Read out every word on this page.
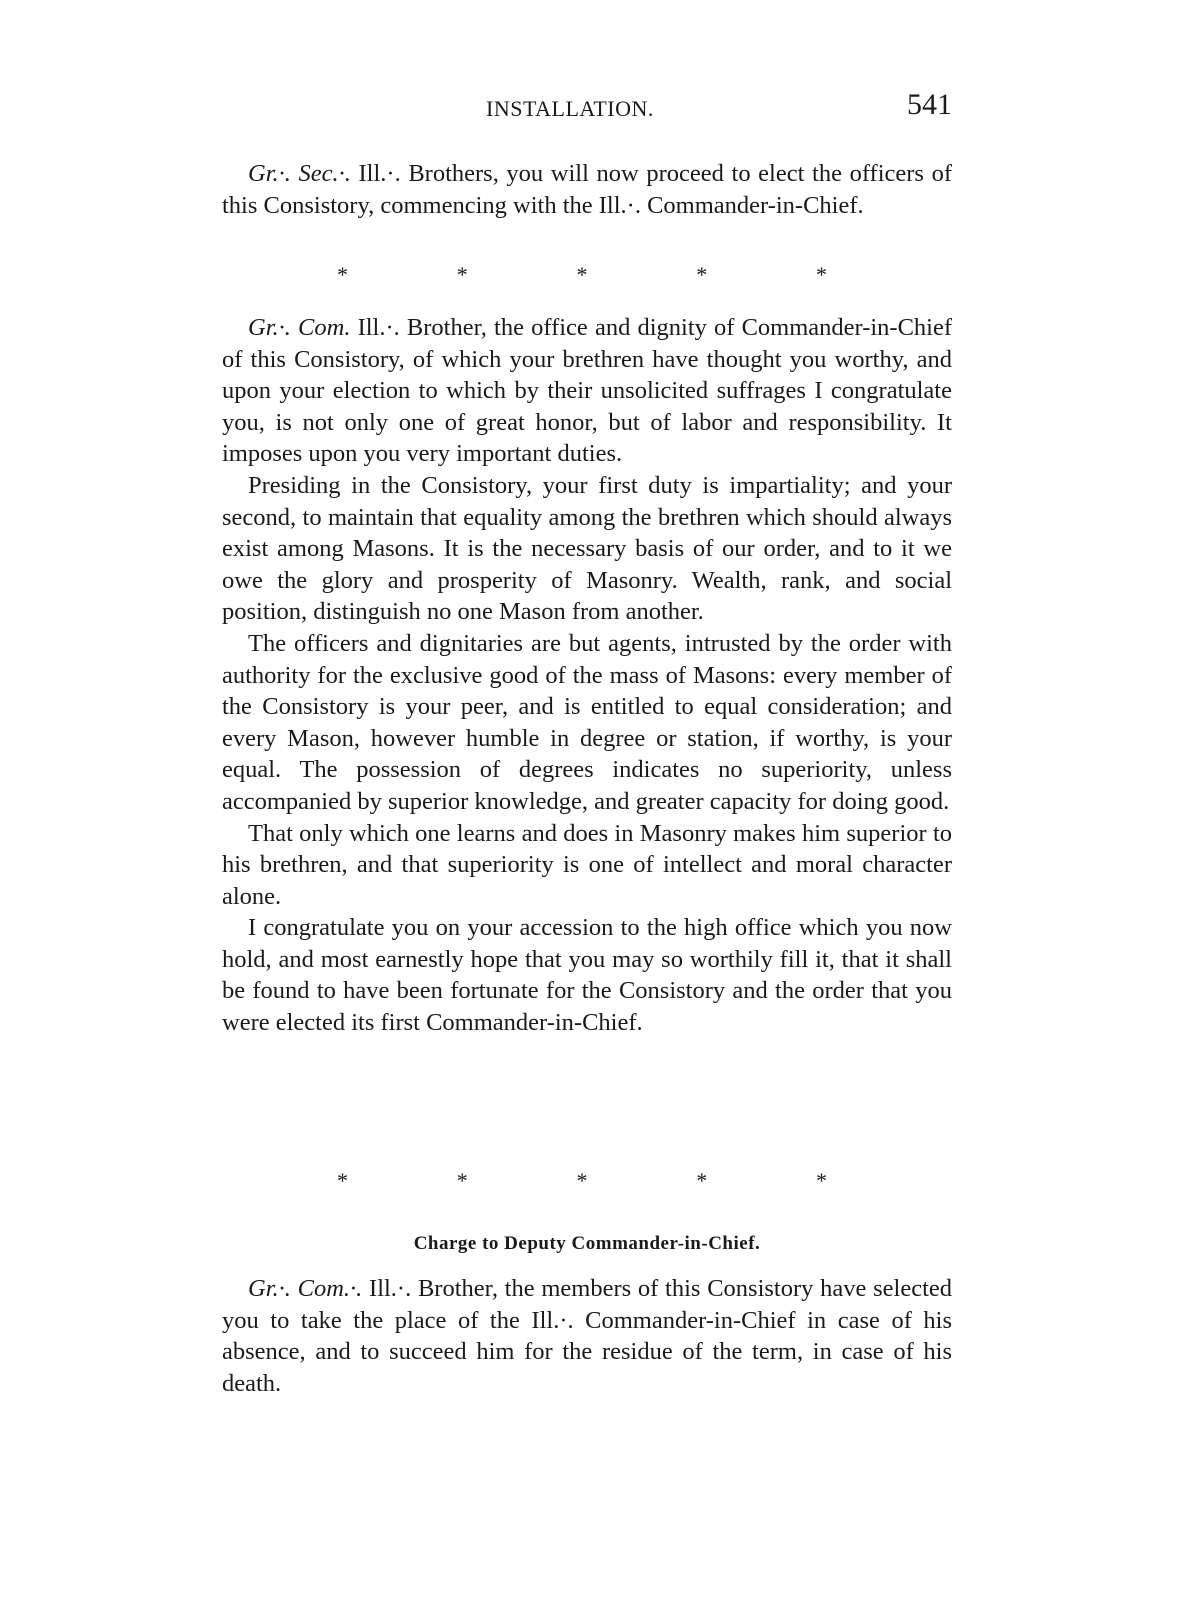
INSTALLATION.	541

Gr.·. Sec.·. Ill.·. Brothers, you will now proceed to elect the officers of this Consistory, commencing with the Ill.·. Commander-in-Chief.

*	*	*	*	*

Gr.·. Com. Ill.·. Brother, the office and dignity of Commander-in-Chief of this Consistory, of which your brethren have thought you worthy, and upon your election to which by their unsolicited suffrages I congratulate you, is not only one of great honor, but of labor and responsibility. It imposes upon you very important duties.

Presiding in the Consistory, your first duty is impartiality; and your second, to maintain that equality among the brethren which should always exist among Masons. It is the necessary basis of our order, and to it we owe the glory and prosperity of Masonry. Wealth, rank, and social position, distinguish no one Mason from another.

The officers and dignitaries are but agents, intrusted by the order with authority for the exclusive good of the mass of Masons: every member of the Consistory is your peer, and is entitled to equal consideration; and every Mason, however humble in degree or station, if worthy, is your equal. The possession of degrees indicates no superiority, unless accompanied by superior knowledge, and greater capacity for doing good.

That only which one learns and does in Masonry makes him superior to his brethren, and that superiority is one of intellect and moral character alone.

I congratulate you on your accession to the high office which you now hold, and most earnestly hope that you may so worthily fill it, that it shall be found to have been fortunate for the Consistory and the order that you were elected its first Commander-in-Chief.

*	*	*	*	*
Charge to Deputy Commander-in-Chief.

Gr.·. Com.·. Ill.·. Brother, the members of this Consistory have selected you to take the place of the Ill.·. Commander-in-Chief in case of his absence, and to succeed him for the residue of the term, in case of his death.
